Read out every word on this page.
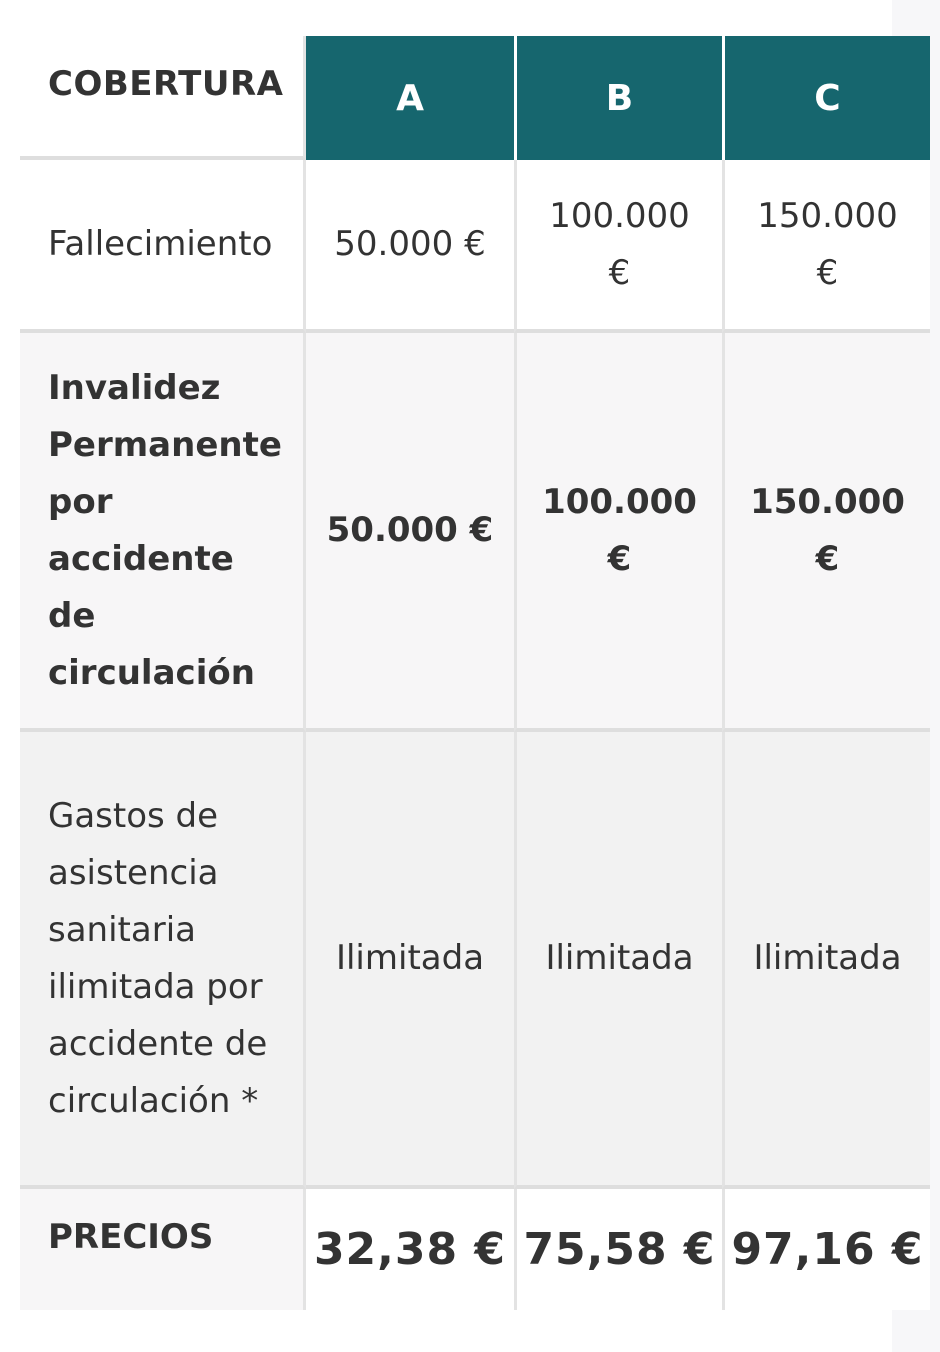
COBERTURA	A	B	C
Fallecimiento	50.000 €	100.000 €	150.000 €
Invalidez Permanente por accidente de circulación	50.000 €	100.000 €	150.000 €
Gastos de asistencia sanitaria ilimitada por accidente de circulación *	Ilimitada	Ilimitada	Ilimitada
PRECIOS	32,38 €	75,58 €	97,16 €
